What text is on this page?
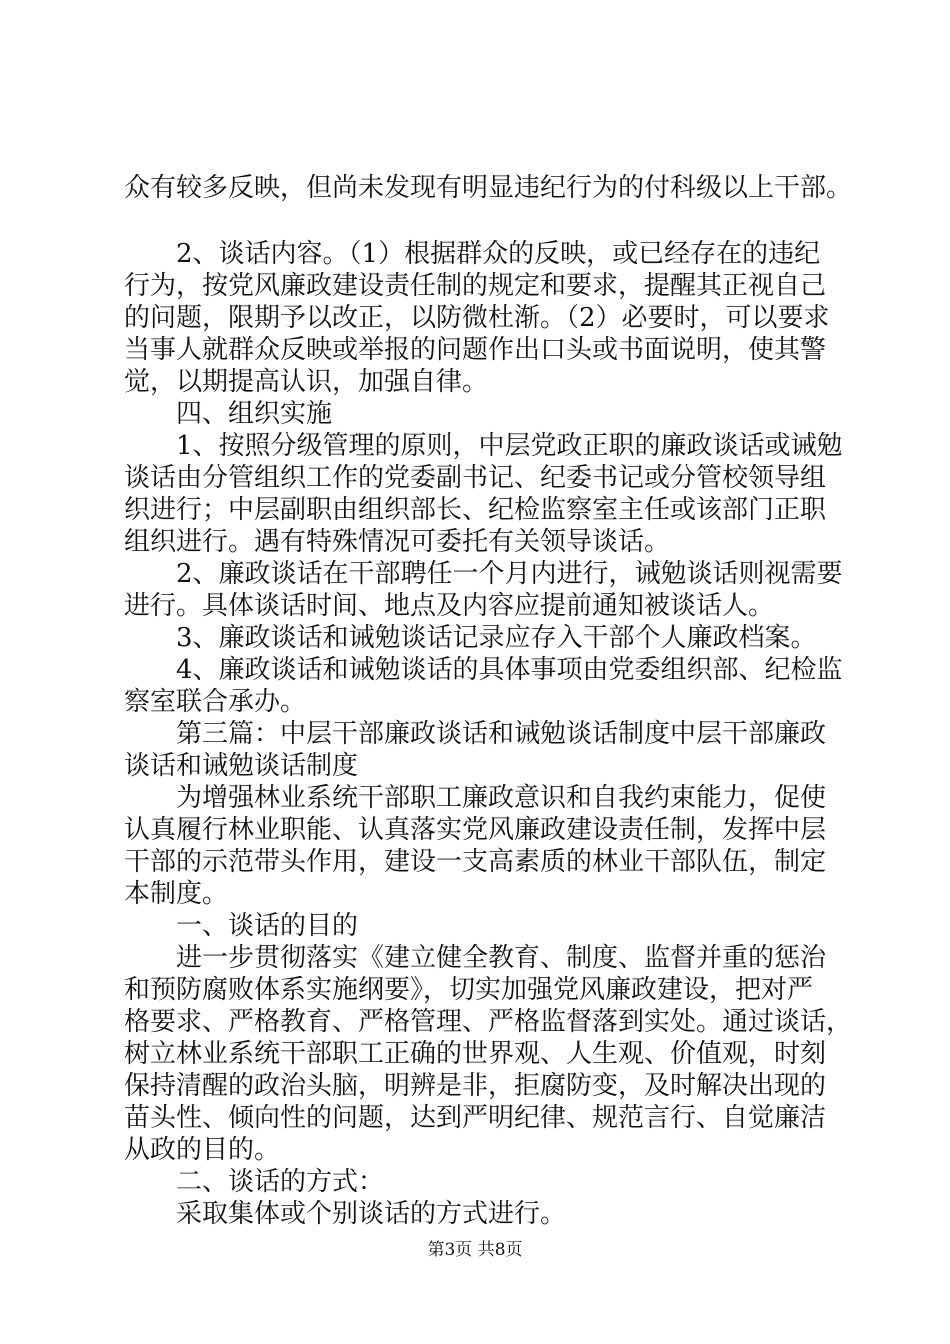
众有较多反映，但尚未发现有明显违纪行为的付科级以上干部。
　　2、谈话内容。（1）根据群众的反映，或已经存在的违纪
行为，按党风廉政建设责任制的规定和要求，提醒其正视自己
的问题，限期予以改正，以防微杜渐。（2）必要时，可以要求
当事人就群众反映或举报的问题作出口头或书面说明，使其警
觉，以期提高认识，加强自律。
　　四、组织实施
　　1、按照分级管理的原则，中层党政正职的廉政谈话或诫勉
谈话由分管组织工作的党委副书记、纪委书记或分管校领导组
织进行；中层副职由组织部长、纪检监察室主任或该部门正职
组织进行。遇有特殊情况可委托有关领导谈话。
　　2、廉政谈话在干部聘任一个月内进行，诫勉谈话则视需要
进行。具体谈话时间、地点及内容应提前通知被谈话人。
　　3、廉政谈话和诫勉谈话记录应存入干部个人廉政档案。
　　4、廉政谈话和诫勉谈话的具体事项由党委组织部、纪检监
察室联合承办。
　　第三篇：中层干部廉政谈话和诫勉谈话制度中层干部廉政
谈话和诫勉谈话制度
　　为增强林业系统干部职工廉政意识和自我约束能力，促使
认真履行林业职能、认真落实党风廉政建设责任制，发挥中层
干部的示范带头作用，建设一支高素质的林业干部队伍，制定
本制度。
　　一、谈话的目的
　　进一步贯彻落实《建立健全教育、制度、监督并重的惩治
和预防腐败体系实施纲要》，切实加强党风廉政建设，把对严
格要求、严格教育、严格管理、严格监督落到实处。通过谈话，
树立林业系统干部职工正确的世界观、人生观、价值观，时刻
保持清醒的政治头脑，明辨是非，拒腐防变，及时解决出现的
苗头性、倾向性的问题，达到严明纪律、规范言行、自觉廉洁
从政的目的。
　　二、谈话的方式：
　　采取集体或个别谈话的方式进行。
第3页 共8页
